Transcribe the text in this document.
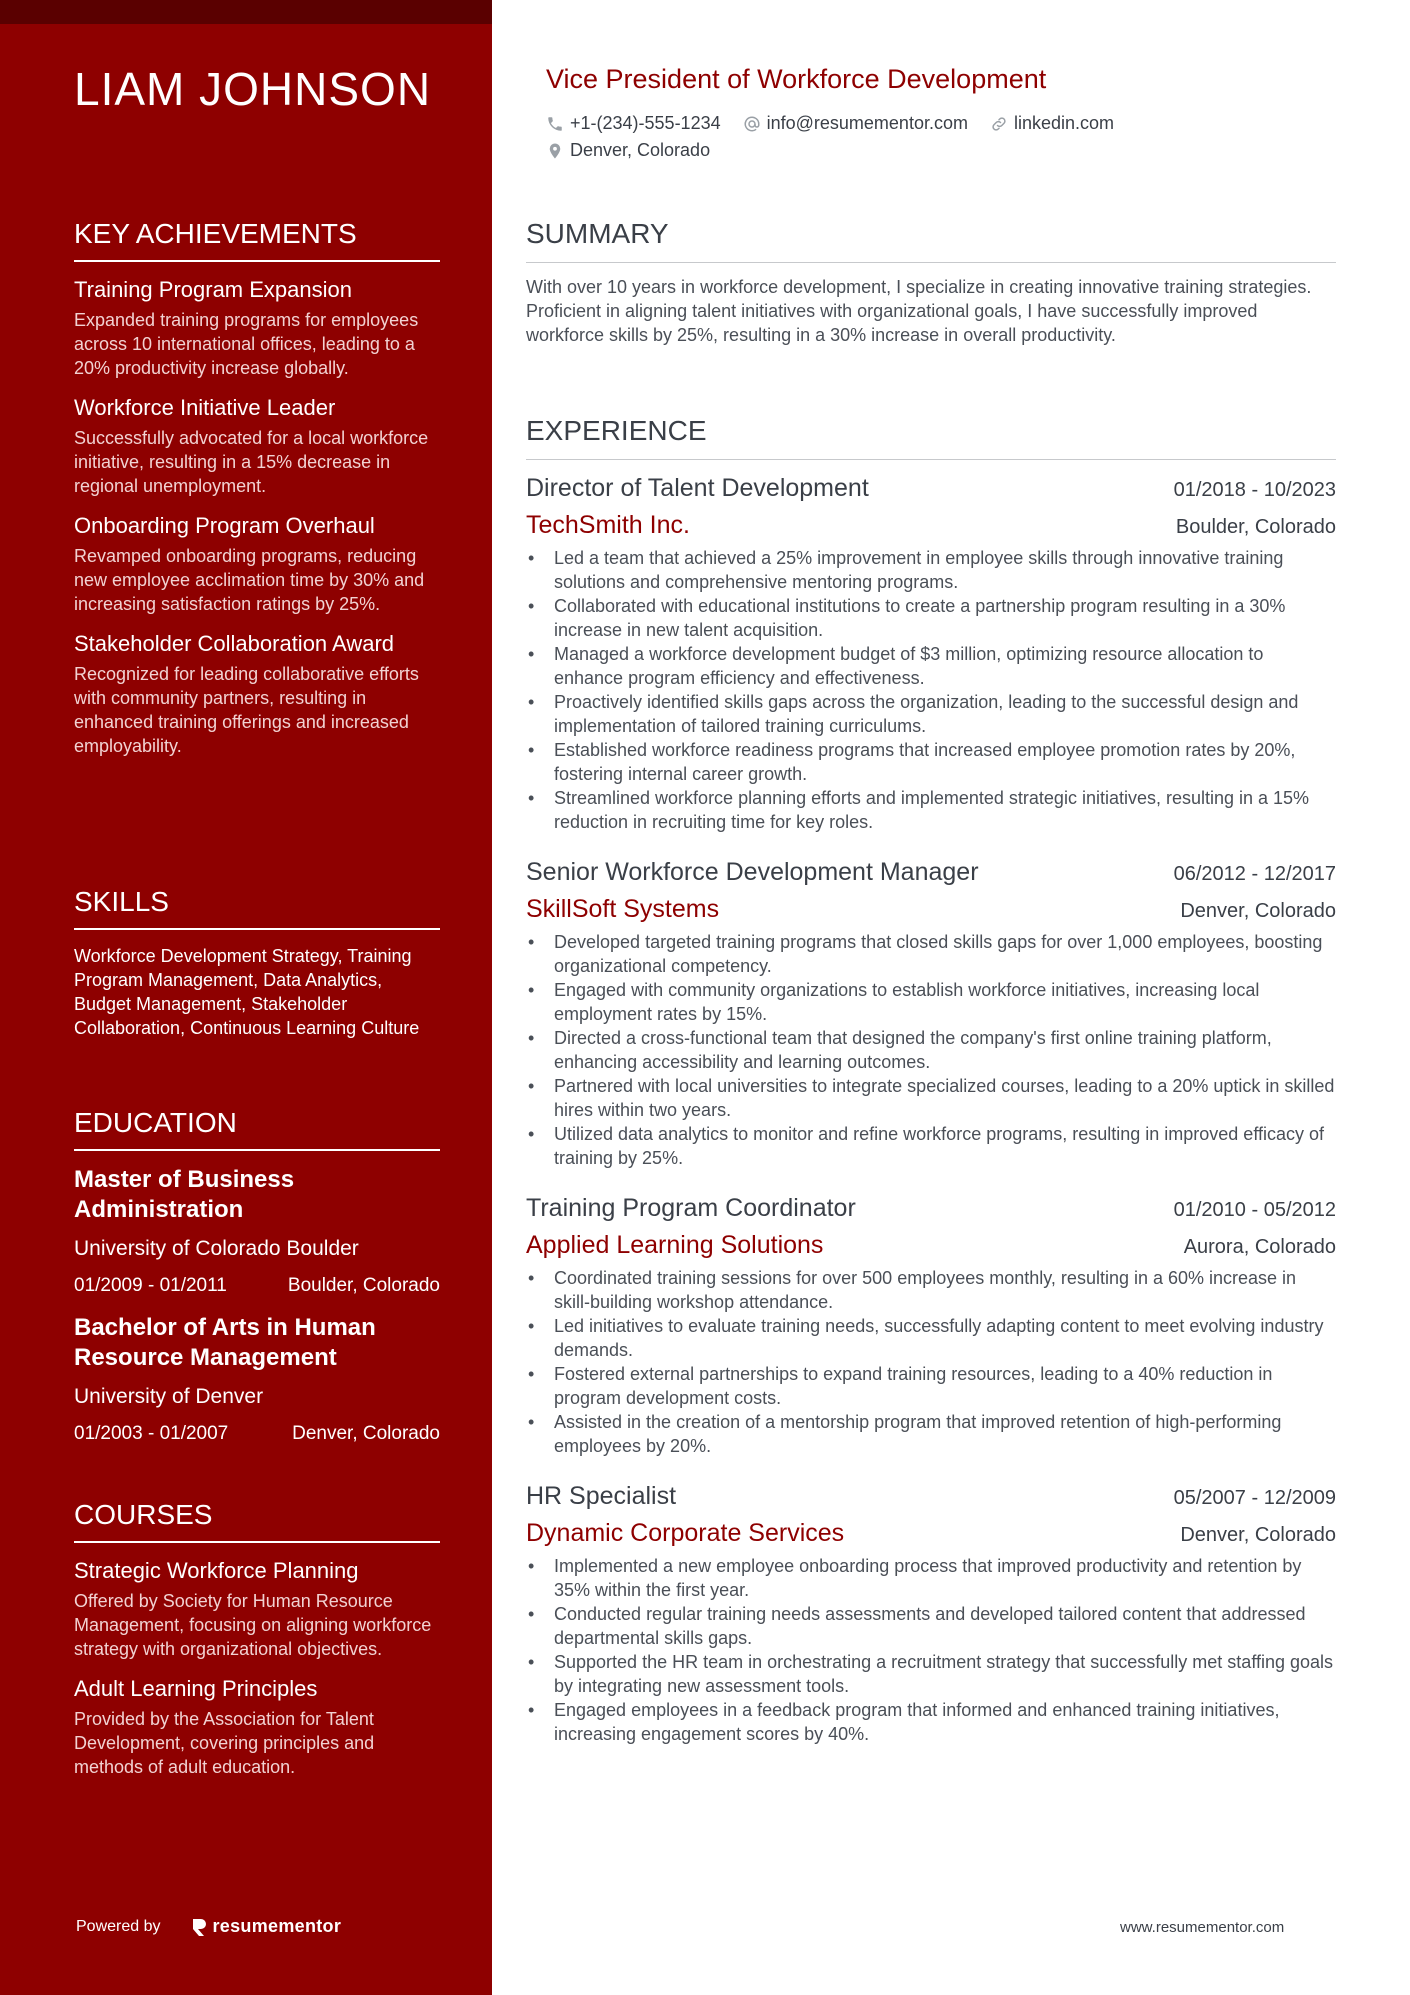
LIAM JOHNSON
KEY ACHIEVEMENTS
Training Program Expansion
Expanded training programs for employees across 10 international offices, leading to a 20% productivity increase globally.
Workforce Initiative Leader
Successfully advocated for a local workforce initiative, resulting in a 15% decrease in regional unemployment.
Onboarding Program Overhaul
Revamped onboarding programs, reducing new employee acclimation time by 30% and increasing satisfaction ratings by 25%.
Stakeholder Collaboration Award
Recognized for leading collaborative efforts with community partners, resulting in enhanced training offerings and increased employability.
SKILLS
Workforce Development Strategy, Training Program Management, Data Analytics, Budget Management, Stakeholder Collaboration, Continuous Learning Culture
EDUCATION
Master of Business Administration
University of Colorado Boulder
01/2009 - 01/2011	Boulder, Colorado
Bachelor of Arts in Human Resource Management
University of Denver
01/2003 - 01/2007	Denver, Colorado
COURSES
Strategic Workforce Planning
Offered by Society for Human Resource Management, focusing on aligning workforce strategy with organizational objectives.
Adult Learning Principles
Provided by the Association for Talent Development, covering principles and methods of adult education.
Powered by	resumementor
Vice President of Workforce Development
+1-(234)-555-1234	info@resumementor.com	linkedin.com
Denver, Colorado
SUMMARY
With over 10 years in workforce development, I specialize in creating innovative training strategies. Proficient in aligning talent initiatives with organizational goals, I have successfully improved workforce skills by 25%, resulting in a 30% increase in overall productivity.
EXPERIENCE
Director of Talent Development	01/2018 - 10/2023
TechSmith Inc.	Boulder, Colorado
• Led a team that achieved a 25% improvement in employee skills through innovative training solutions and comprehensive mentoring programs.
• Collaborated with educational institutions to create a partnership program resulting in a 30% increase in new talent acquisition.
• Managed a workforce development budget of $3 million, optimizing resource allocation to enhance program efficiency and effectiveness.
• Proactively identified skills gaps across the organization, leading to the successful design and implementation of tailored training curriculums.
• Established workforce readiness programs that increased employee promotion rates by 20%, fostering internal career growth.
• Streamlined workforce planning efforts and implemented strategic initiatives, resulting in a 15% reduction in recruiting time for key roles.
Senior Workforce Development Manager	06/2012 - 12/2017
SkillSoft Systems	Denver, Colorado
• Developed targeted training programs that closed skills gaps for over 1,000 employees, boosting organizational competency.
• Engaged with community organizations to establish workforce initiatives, increasing local employment rates by 15%.
• Directed a cross-functional team that designed the company's first online training platform, enhancing accessibility and learning outcomes.
• Partnered with local universities to integrate specialized courses, leading to a 20% uptick in skilled hires within two years.
• Utilized data analytics to monitor and refine workforce programs, resulting in improved efficacy of training by 25%.
Training Program Coordinator	01/2010 - 05/2012
Applied Learning Solutions	Aurora, Colorado
• Coordinated training sessions for over 500 employees monthly, resulting in a 60% increase in skill-building workshop attendance.
• Led initiatives to evaluate training needs, successfully adapting content to meet evolving industry demands.
• Fostered external partnerships to expand training resources, leading to a 40% reduction in program development costs.
• Assisted in the creation of a mentorship program that improved retention of high-performing employees by 20%.
HR Specialist	05/2007 - 12/2009
Dynamic Corporate Services	Denver, Colorado
• Implemented a new employee onboarding process that improved productivity and retention by 35% within the first year.
• Conducted regular training needs assessments and developed tailored content that addressed departmental skills gaps.
• Supported the HR team in orchestrating a recruitment strategy that successfully met staffing goals by integrating new assessment tools.
• Engaged employees in a feedback program that informed and enhanced training initiatives, increasing engagement scores by 40%.
www.resumementor.com
